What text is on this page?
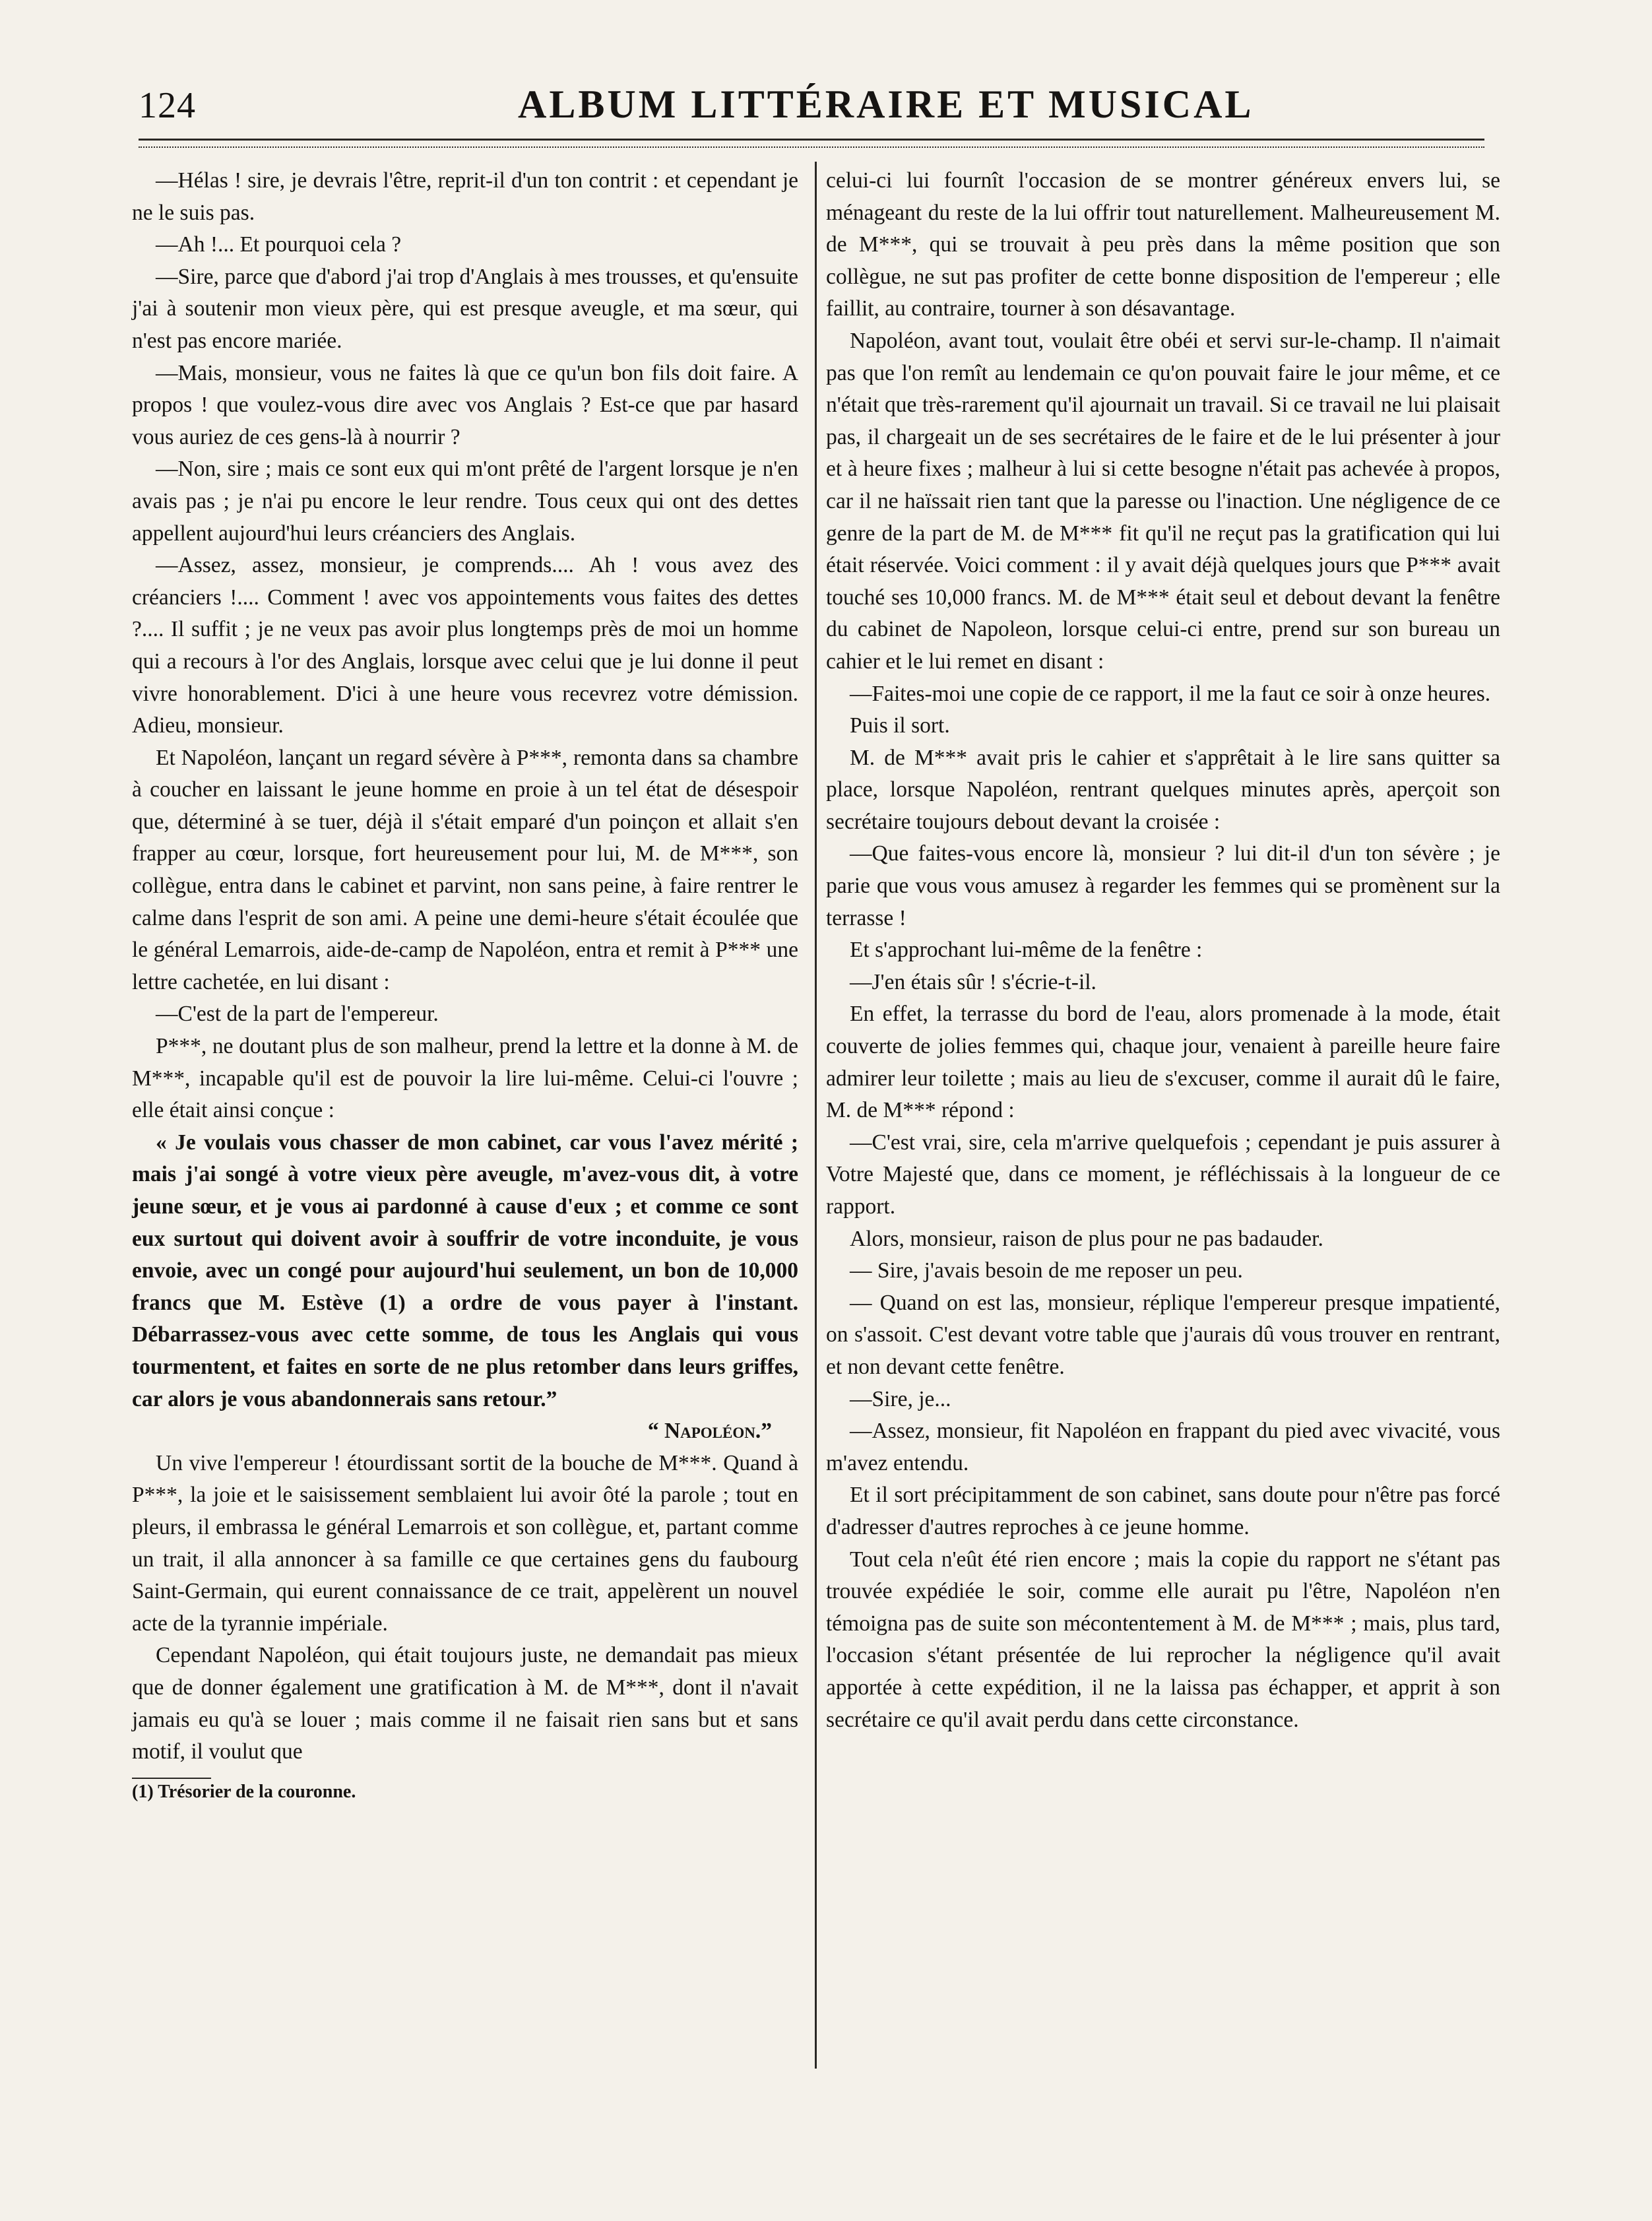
124	ALBUM LITTÉRAIRE ET MUSICAL

—Hélas ! sire, je devrais l'être, reprit-il d'un ton contrit : et cependant je ne le suis pas.

—Ah !... Et pourquoi cela ?

—Sire, parce que d'abord j'ai trop d'Anglais à mes trousses, et qu'ensuite j'ai à soutenir mon vieux père, qui est presque aveugle, et ma sœur, qui n'est pas encore mariée.

—Mais, monsieur, vous ne faites là que ce qu'un bon fils doit faire. A propos ! que voulez-vous dire avec vos Anglais ? Est-ce que par hasard vous auriez de ces gens-là à nourrir ?

—Non, sire ; mais ce sont eux qui m'ont prêté de l'argent lorsque je n'en avais pas ; je n'ai pu encore le leur rendre. Tous ceux qui ont des dettes appellent aujourd'hui leurs créanciers des Anglais.

—Assez, assez, monsieur, je comprends.... Ah ! vous avez des créanciers !.... Comment ! avec vos appointements vous faites des dettes ?.... Il suffit ; je ne veux pas avoir plus longtemps près de moi un homme qui a recours à l'or des Anglais, lorsque avec celui que je lui donne il peut vivre honorablement. D'ici à une heure vous recevrez votre démission. Adieu, monsieur.

Et Napoléon, lançant un regard sévère à P***, remonta dans sa chambre à coucher en laissant le jeune homme en proie à un tel état de désespoir que, déterminé à se tuer, déjà il s'était emparé d'un poinçon et allait s'en frapper au cœur, lorsque, fort heureusement pour lui, M. de M***, son collègue, entra dans le cabinet et parvint, non sans peine, à faire rentrer le calme dans l'esprit de son ami. A peine une demi-heure s'était écoulée que le général Lemarrois, aide-de-camp de Napoléon, entra et remit à P*** une lettre cachetée, en lui disant :

—C'est de la part de l'empereur.

P***, ne doutant plus de son malheur, prend la lettre et la donne à M. de M***, incapable qu'il est de pouvoir la lire lui-même. Celui-ci l'ouvre ; elle était ainsi conçue :

« Je voulais vous chasser de mon cabinet, car vous l'avez mérité ; mais j'ai songé à votre vieux père aveugle, m'avez-vous dit, à votre jeune sœur, et je vous ai pardonné à cause d'eux ; et comme ce sont eux surtout qui doivent avoir à souffrir de votre inconduite, je vous envoie, avec un congé pour aujourd'hui seulement, un bon de 10,000 francs que M. Estève (1) a ordre de vous payer à l'instant. Débarrassez-vous avec cette somme, de tous les Anglais qui vous tourmentent, et faites en sorte de ne plus retomber dans leurs griffes, car alors je vous abandonnerais sans retour.”

“ Napoléon.”

Un vive l'empereur ! étourdissant sortit de la bouche de M***. Quand à P***, la joie et le saisissement semblaient lui avoir ôté la parole ; tout en pleurs, il embrassa le général Lemarrois et son collègue, et, partant comme un trait, il alla annoncer à sa famille ce que certaines gens du faubourg Saint-Germain, qui eurent connaissance de ce trait, appelèrent un nouvel acte de la tyrannie impériale.

Cependant Napoléon, qui était toujours juste, ne demandait pas mieux que de donner également une gratification à M. de M***, dont il n'avait jamais eu qu'à se louer ; mais comme il ne faisait rien sans but et sans motif, il voulut que

(1) Trésorier de la couronne.

celui-ci lui fournît l'occasion de se montrer généreux envers lui, se ménageant du reste de la lui offrir tout naturellement. Malheureusement M. de M***, qui se trouvait à peu près dans la même position que son collègue, ne sut pas profiter de cette bonne disposition de l'empereur ; elle faillit, au contraire, tourner à son désavantage.

Napoléon, avant tout, voulait être obéi et servi sur-le-champ. Il n'aimait pas que l'on remît au lendemain ce qu'on pouvait faire le jour même, et ce n'était que très-rarement qu'il ajournait un travail. Si ce travail ne lui plaisait pas, il chargeait un de ses secrétaires de le faire et de le lui présenter à jour et à heure fixes ; malheur à lui si cette besogne n'était pas achevée à propos, car il ne haïssait rien tant que la paresse ou l'inaction. Une négligence de ce genre de la part de M. de M*** fit qu'il ne reçut pas la gratification qui lui était réservée. Voici comment : il y avait déjà quelques jours que P*** avait touché ses 10,000 francs. M. de M*** était seul et debout devant la fenêtre du cabinet de Napoleon, lorsque celui-ci entre, prend sur son bureau un cahier et le lui remet en disant :

—Faites-moi une copie de ce rapport, il me la faut ce soir à onze heures.

Puis il sort.

M. de M*** avait pris le cahier et s'apprêtait à le lire sans quitter sa place, lorsque Napoléon, rentrant quelques minutes après, aperçoit son secrétaire toujours debout devant la croisée :

—Que faites-vous encore là, monsieur ? lui dit-il d'un ton sévère ; je parie que vous vous amusez à regarder les femmes qui se promènent sur la terrasse !

Et s'approchant lui-même de la fenêtre :

—J'en étais sûr ! s'écrie-t-il.

En effet, la terrasse du bord de l'eau, alors promenade à la mode, était couverte de jolies femmes qui, chaque jour, venaient à pareille heure faire admirer leur toilette ; mais au lieu de s'excuser, comme il aurait dû le faire, M. de M*** répond :

—C'est vrai, sire, cela m'arrive quelquefois ; cependant je puis assurer à Votre Majesté que, dans ce moment, je réfléchissais à la longueur de ce rapport.

Alors, monsieur, raison de plus pour ne pas badauder.

— Sire, j'avais besoin de me reposer un peu.

— Quand on est las, monsieur, réplique l'empereur presque impatienté, on s'assoit. C'est devant votre table que j'aurais dû vous trouver en rentrant, et non devant cette fenêtre.

—Sire, je...

—Assez, monsieur, fit Napoléon en frappant du pied avec vivacité, vous m'avez entendu.

Et il sort précipitamment de son cabinet, sans doute pour n'être pas forcé d'adresser d'autres reproches à ce jeune homme.

Tout cela n'eût été rien encore ; mais la copie du rapport ne s'étant pas trouvée expédiée le soir, comme elle aurait pu l'être, Napoléon n'en témoigna pas de suite son mécontentement à M. de M*** ; mais, plus tard, l'occasion s'étant présentée de lui reprocher la négligence qu'il avait apportée à cette expédition, il ne la laissa pas échapper, et apprit à son secrétaire ce qu'il avait perdu dans cette circonstance.
